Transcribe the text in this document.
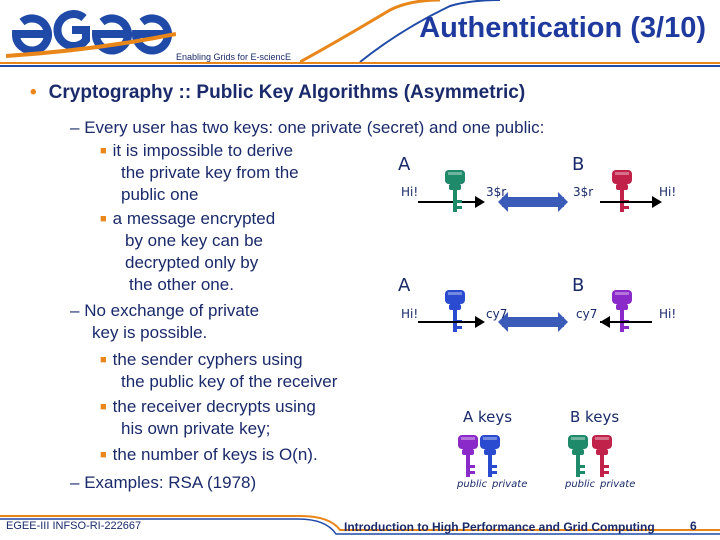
Enabling Grids for E-sciencE
Authentication (3/10)
• Cryptography :: Public Key Algorithms (Asymmetric)
– Every user has two keys: one private (secret) and one public:
■ it is impossible to derive
the private key from the
public one
■ a message encrypted
by one key can be
decrypted only by
the other one.
– No exchange of private
key is possible.
■ the sender cyphers using
the public key of the receiver
■ the receiver decrypts using
his own private key;
■ the number of keys is O(n).
– Examples: RSA (1978)
A	B
Hi!	3$r	3$r	Hi!
A	B
Hi!	cy7	cy7	Hi!
A keys	B keys
public private	public private
EGEE-III INFSO-RI-222667	Introduction to High Performance and Grid Computing	6
